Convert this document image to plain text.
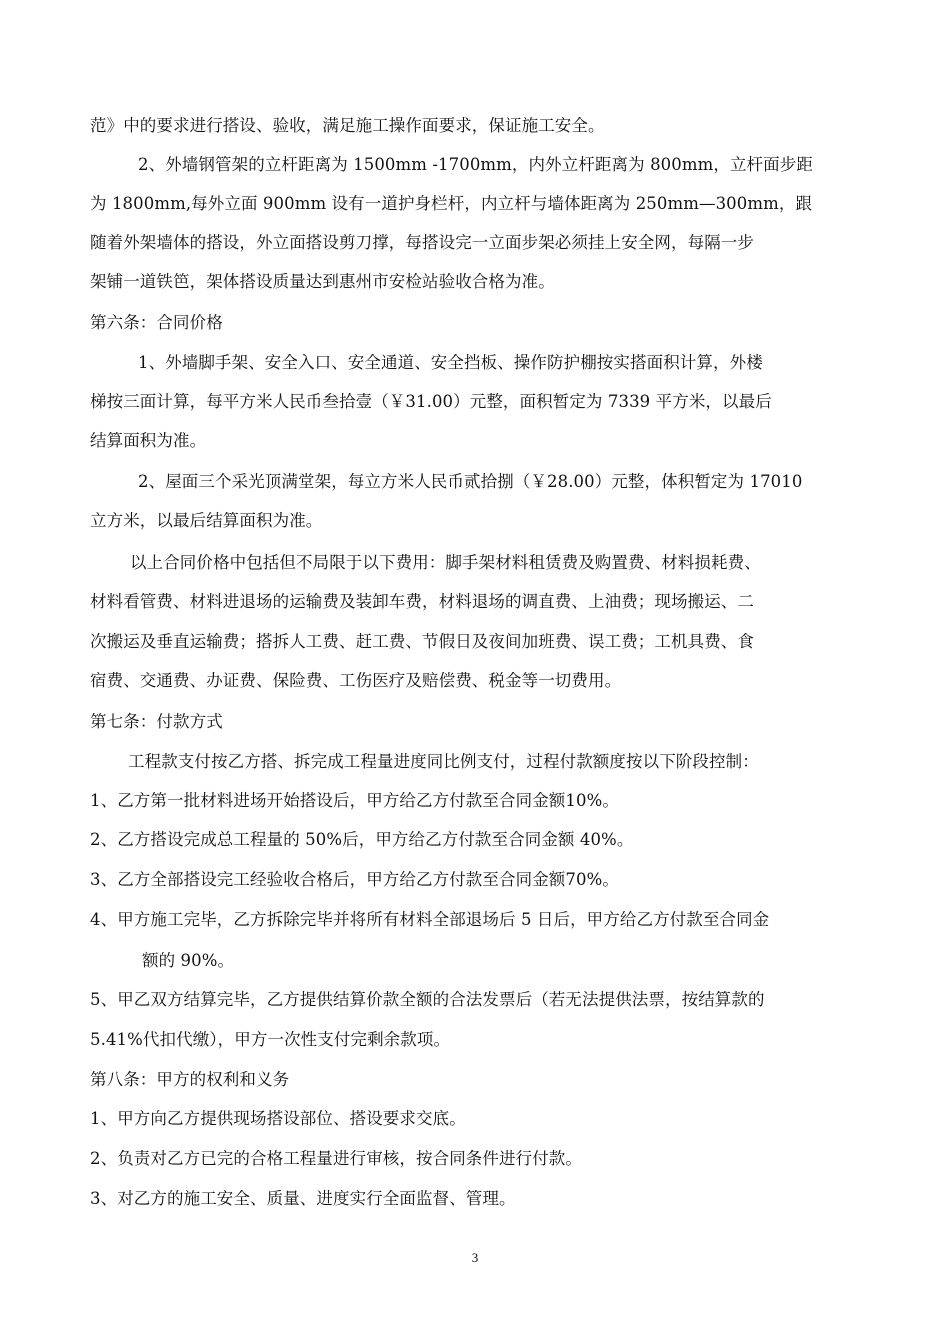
范》中的要求进行搭设、验收，满足施工操作面要求，保证施工安全。
2、外墙钢管架的立杆距离为 1500mm -1700mm，内外立杆距离为 800mm，立杆面步距
为 1800mm,每外立面 900mm 设有一道护身栏杆，内立杆与墙体距离为 250mm—300mm，跟
随着外架墙体的搭设，外立面搭设剪刀撑，每搭设完一立面步架必须挂上安全网，每隔一步
架铺一道铁笆，架体搭设质量达到惠州市安检站验收合格为准。
第六条：合同价格
1、外墙脚手架、安全入口、安全通道、安全挡板、操作防护棚按实搭面积计算，外楼
梯按三面计算，每平方米人民币叁拾壹（￥31.00）元整，面积暂定为 7339 平方米，以最后
结算面积为准。
2、屋面三个采光顶满堂架，每立方米人民币贰拾捌（￥28.00）元整，体积暂定为 17010
立方米，以最后结算面积为准。
以上合同价格中包括但不局限于以下费用：脚手架材料租赁费及购置费、材料损耗费、
材料看管费、材料进退场的运输费及装卸车费，材料退场的调直费、上油费；现场搬运、二
次搬运及垂直运输费；搭拆人工费、赶工费、节假日及夜间加班费、误工费；工机具费、食
宿费、交通费、办证费、保险费、工伤医疗及赔偿费、税金等一切费用。
第七条：付款方式
工程款支付按乙方搭、拆完成工程量进度同比例支付，过程付款额度按以下阶段控制：
1、乙方第一批材料进场开始搭设后，甲方给乙方付款至合同金额10%。
2、乙方搭设完成总工程量的 50%后，甲方给乙方付款至合同金额 40%。
3、乙方全部搭设完工经验收合格后，甲方给乙方付款至合同金额70%。
4、甲方施工完毕，乙方拆除完毕并将所有材料全部退场后 5 日后，甲方给乙方付款至合同金
额的 90%。
5、甲乙双方结算完毕，乙方提供结算价款全额的合法发票后（若无法提供法票，按结算款的
5.41%代扣代缴），甲方一次性支付完剩余款项。
第八条：甲方的权利和义务
1、甲方向乙方提供现场搭设部位、搭设要求交底。
2、负责对乙方已完的合格工程量进行审核，按合同条件进行付款。
3、对乙方的施工安全、质量、进度实行全面监督、管理。
3
